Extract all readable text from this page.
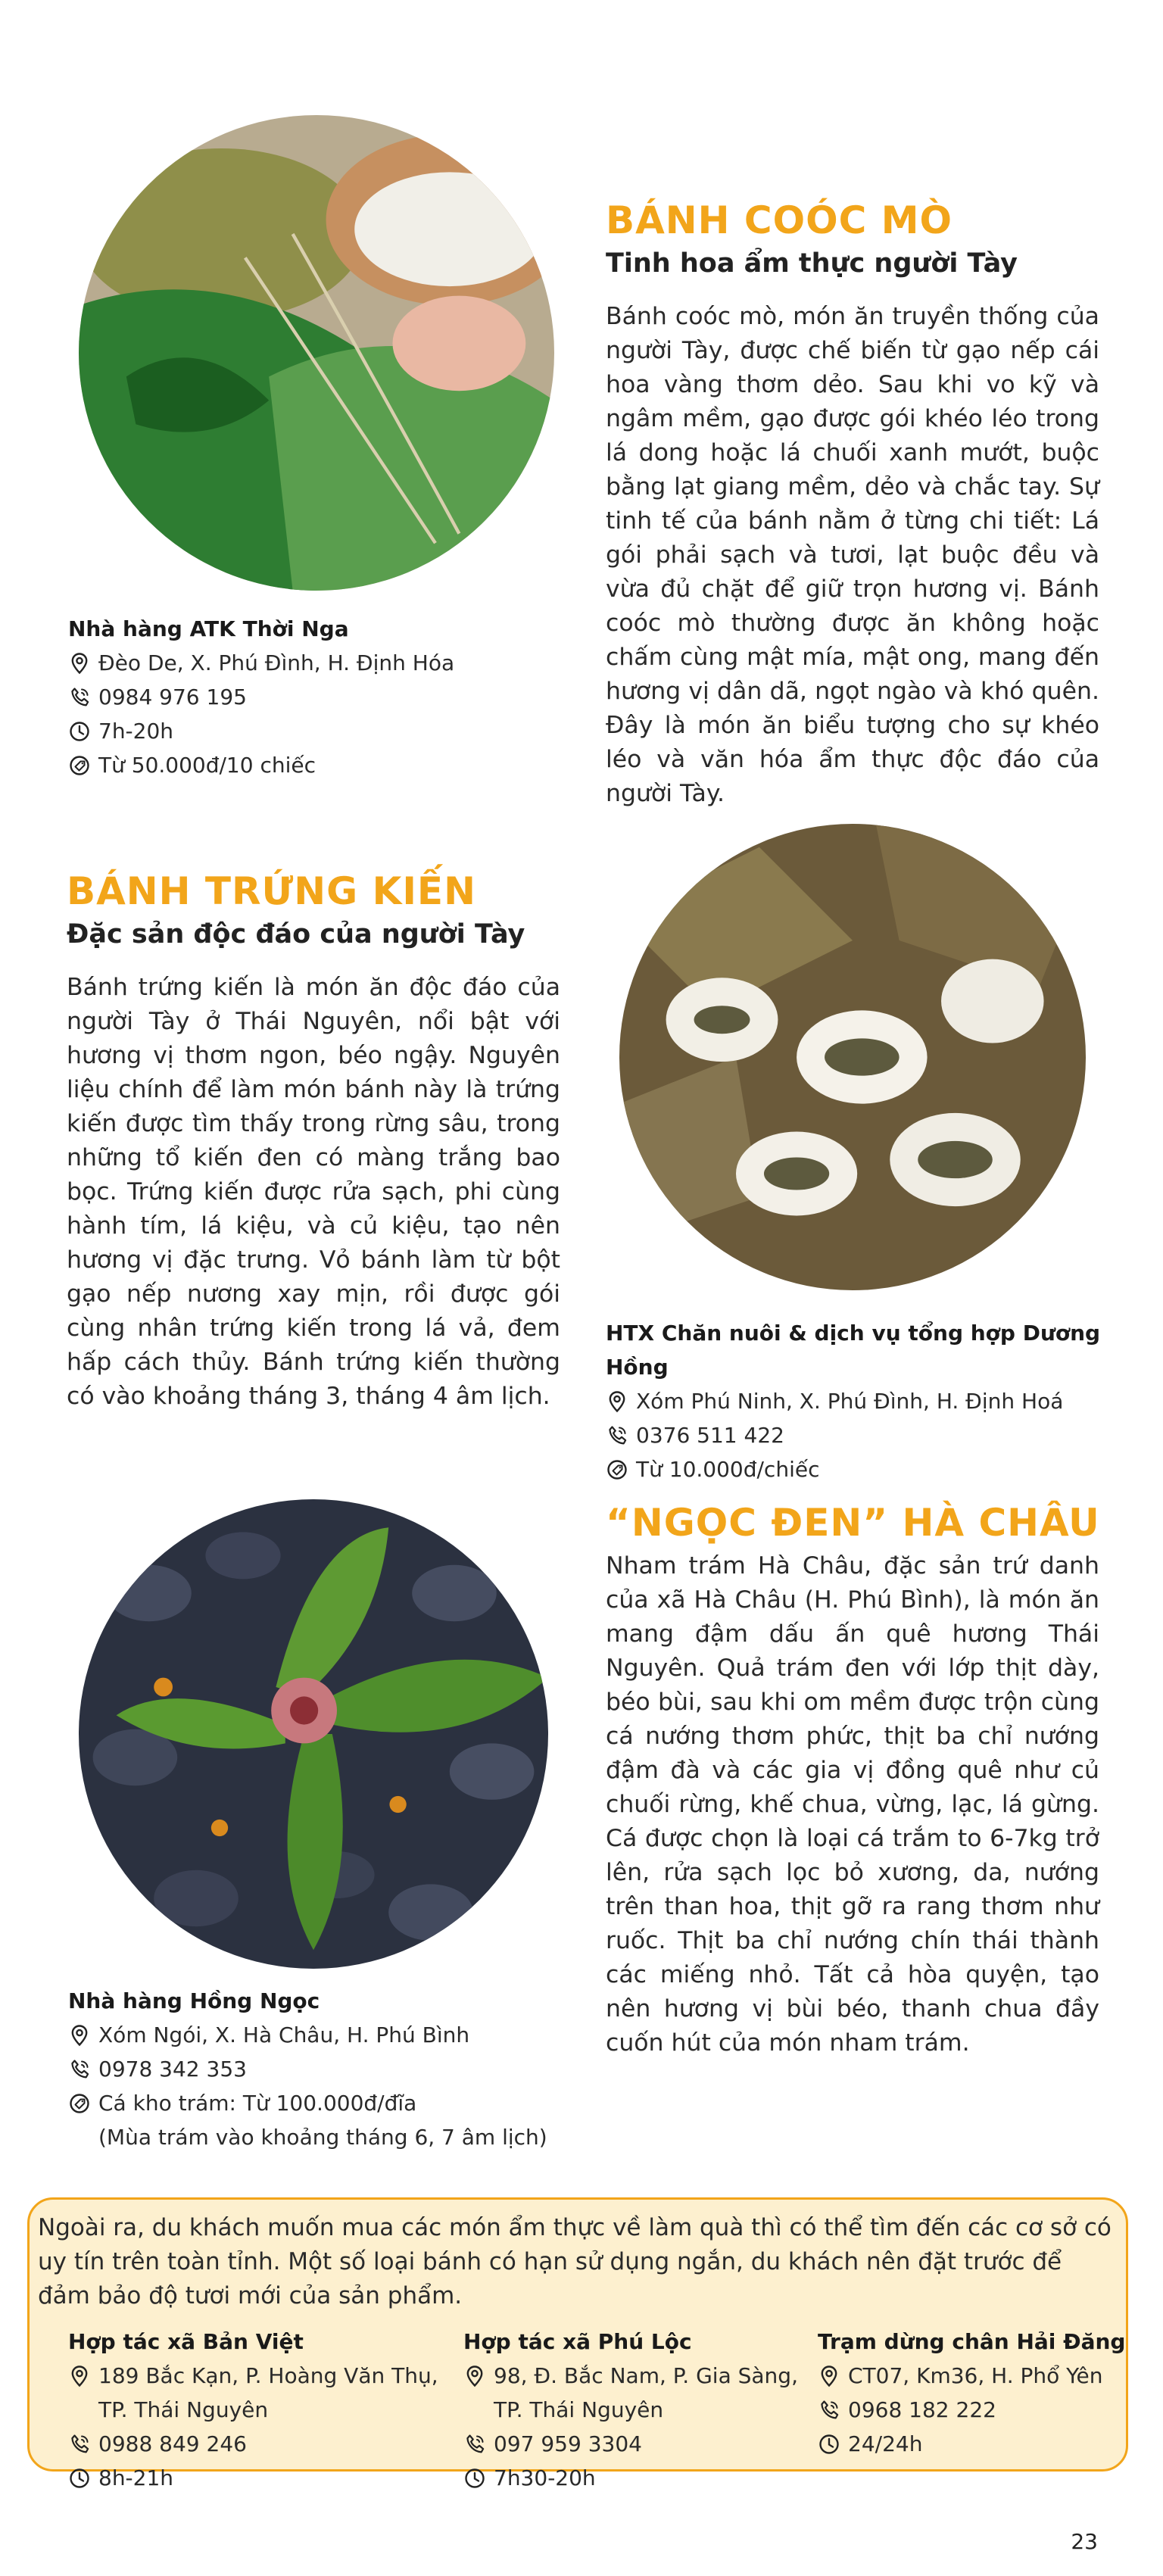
BÁNH COÓC MÒ
Tinh hoa ẩm thực người Tày
Bánh coóc mò, món ăn truyền thống của người Tày, được chế biến từ gạo nếp cái hoa vàng thơm dẻo. Sau khi vo kỹ và ngâm mềm, gạo được gói khéo léo trong lá dong hoặc lá chuối xanh mướt, buộc bằng lạt giang mềm, dẻo và chắc tay. Sự tinh tế của bánh nằm ở từng chi tiết: Lá gói phải sạch và tươi, lạt buộc đều và vừa đủ chặt để giữ trọn hương vị. Bánh coóc mò thường được ăn không hoặc chấm cùng mật mía, mật ong, mang đến hương vị dân dã, ngọt ngào và khó quên. Đây là món ăn biểu tượng cho sự khéo léo và văn hóa ẩm thực độc đáo của người Tày.
Nhà hàng ATK Thời Nga
Đèo De, X. Phú Đình, H. Định Hóa
0984 976 195
7h-20h
Từ 50.000đ/10 chiếc
BÁNH TRỨNG KIẾN
Đặc sản độc đáo của người Tày
Bánh trứng kiến là món ăn độc đáo của người Tày ở Thái Nguyên, nổi bật với hương vị thơm ngon, béo ngậy. Nguyên liệu chính để làm món bánh này là trứng kiến được tìm thấy trong rừng sâu, trong những tổ kiến đen có màng trắng bao bọc. Trứng kiến được rửa sạch, phi cùng hành tím, lá kiệu, và củ kiệu, tạo nên hương vị đặc trưng. Vỏ bánh làm từ bột gạo nếp nương xay mịn, rồi được gói cùng nhân trứng kiến trong lá vả, đem hấp cách thủy. Bánh trứng kiến thường có vào khoảng tháng 3, tháng 4 âm lịch.
HTX Chăn nuôi & dịch vụ tổng hợp Dương Hồng
Xóm Phú Ninh, X. Phú Đình, H. Định Hoá
0376 511 422
Từ 10.000đ/chiếc
“NGỌC ĐEN” HÀ CHÂU
Nham trám Hà Châu, đặc sản trứ danh của xã Hà Châu (H. Phú Bình), là món ăn mang đậm dấu ấn quê hương Thái Nguyên. Quả trám đen với lớp thịt dày, béo bùi, sau khi om mềm được trộn cùng cá nướng thơm phức, thịt ba chỉ nướng đậm đà và các gia vị đồng quê như củ chuối rừng, khế chua, vừng, lạc, lá gừng. Cá được chọn là loại cá trắm to 6-7kg trở lên, rửa sạch lọc bỏ xương, da, nướng trên than hoa, thịt gỡ ra rang thơm như ruốc. Thịt ba chỉ nướng chín thái thành các miếng nhỏ. Tất cả hòa quyện, tạo nên hương vị bùi béo, thanh chua đầy cuốn hút của món nham trám.
Nhà hàng Hồng Ngọc
Xóm Ngói, X. Hà Châu, H. Phú Bình
0978 342 353
Cá kho trám: Từ 100.000đ/đĩa
(Mùa trám vào khoảng tháng 6, 7 âm lịch)
Ngoài ra, du khách muốn mua các món ẩm thực về làm quà thì có thể tìm đến các cơ sở có uy tín trên toàn tỉnh. Một số loại bánh có hạn sử dụng ngắn, du khách nên đặt trước để đảm bảo độ tươi mới của sản phẩm.
Hợp tác xã Bản Việt
189 Bắc Kạn, P. Hoàng Văn Thụ,
TP. Thái Nguyên
0988 849 246
8h-21h
Hợp tác xã Phú Lộc
98, Đ. Bắc Nam, P. Gia Sàng,
TP. Thái Nguyên
097 959 3304
7h30-20h
Trạm dừng chân Hải Đăng
CT07, Km36, H. Phổ Yên
0968 182 222
24/24h
23
